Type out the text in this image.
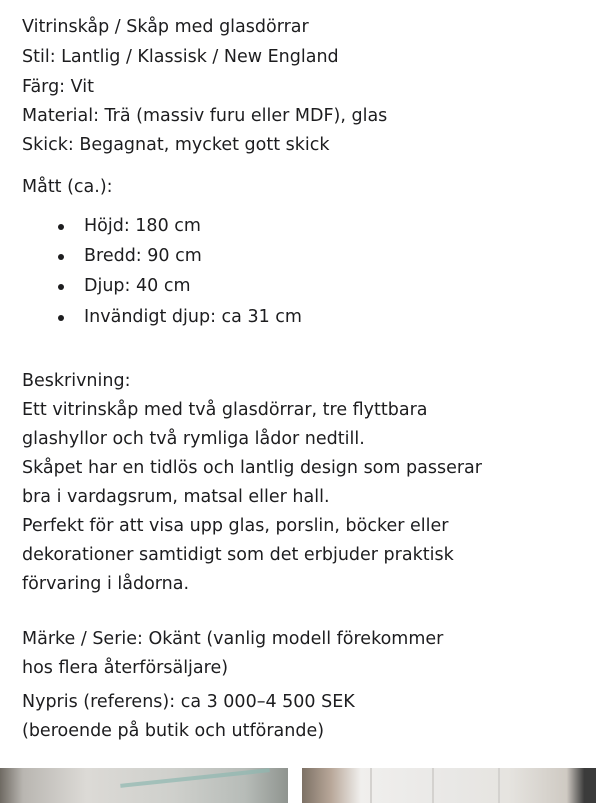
Vitrinskåp / Skåp med glasdörrar
Stil: Lantlig / Klassisk / New England
Färg: Vit
Material: Trä (massiv furu eller MDF), glas
Skick: Begagnat, mycket gott skick
Mått (ca.):
Höjd: 180 cm
Bredd: 90 cm
Djup: 40 cm
Invändigt djup: ca 31 cm
Beskrivning:
Ett vitrinskåp med två glasdörrar, tre flyttbara
glashyllor och två rymliga lådor nedtill.
Skåpet har en tidlös och lantlig design som passerar
bra i vardagsrum, matsal eller hall.
Perfekt för att visa upp glas, porslin, böcker eller
dekorationer samtidigt som det erbjuder praktisk
förvaring i lådorna.
Märke / Serie: Okänt (vanlig modell förekommer
hos flera återförsäljare)
Nypris (referens): ca 3 000–4 500 SEK
(beroende på butik och utförande)
